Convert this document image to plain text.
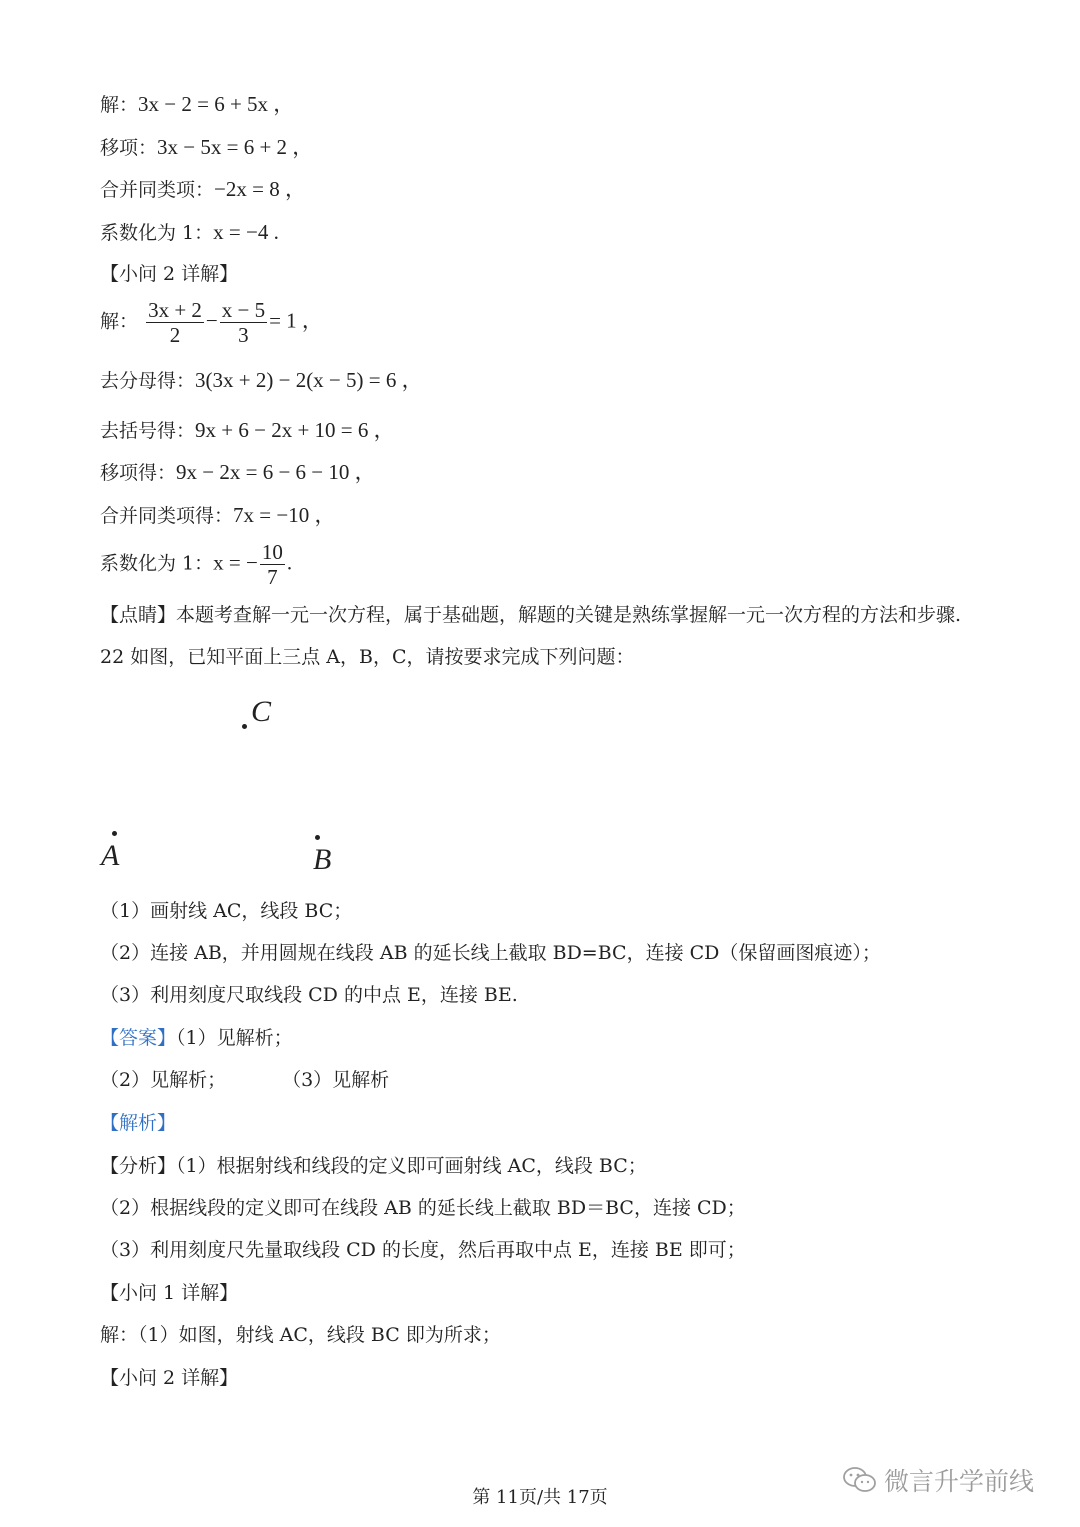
解：3x − 2 = 6 + 5x ，
移项：3x − 5x = 6 + 2 ，
合并同类项：−2x = 8 ，
系数化为 1：x = −4 .
【小问 2 详解】
解： $\frac{3x + 2}{2} - \frac{x - 5}{3} = 1$ ，
去分母得：3(3x + 2) − 2(x − 5) = 6 ，
去括号得：9x + 6 − 2x + 10 = 6 ，
移项得：9x − 2x = 6 − 6 − 10 ，
合并同类项得：7x = −10 ，
系数化为 1：x = − $\frac{10}{7}$ .
【点睛】本题考查解一元一次方程，属于基础题，解题的关键是熟练掌握解一元一次方程的方法和步骤.
22 如图，已知平面上三点 A，B，C，请按要求完成下列问题：
C
A	B
（1）画射线 AC，线段 BC；
（2）连接 AB，并用圆规在线段 AB 的延长线上截取 BD=BC，连接 CD（保留画图痕迹）；
（3）利用刻度尺取线段 CD 的中点 E，连接 BE.
【答案】（1）见解析；
（2）见解析；	（3）见解析
【解析】
【分析】（1）根据射线和线段的定义即可画射线 AC，线段 BC；
（2）根据线段的定义即可在线段 AB 的延长线上截取 BD＝BC，连接 CD；
（3）利用刻度尺先量取线段 CD 的长度，然后再取中点 E，连接 BE 即可；
【小问 1 详解】
解：（1）如图，射线 AC，线段 BC 即为所求；
【小问 2 详解】
第 11页/共 17页
微言升学前线
